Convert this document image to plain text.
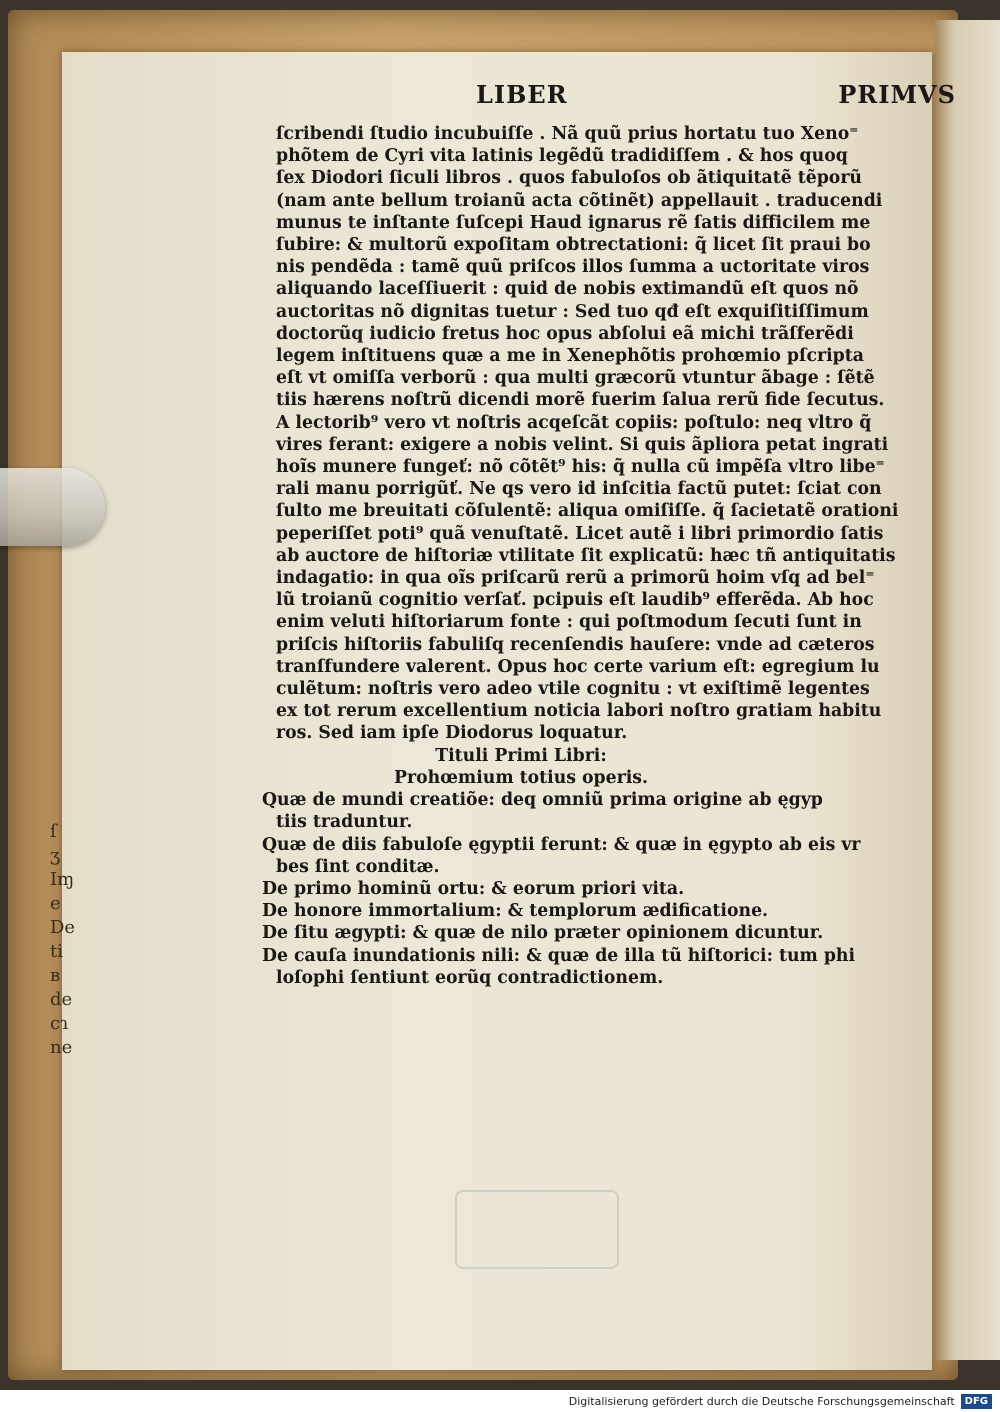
LIBER	PRIMVS
ſcribendi ſtudio incubuiſſe . Nã quũ prius hortatu tuo Xeno⁼
phõtem de Cyri vita latinis legẽdũ tradidiſſem . & hos quoq
ſex Diodori ſiculi libros . quos fabuloſos ob ãtiquitatẽ tẽporũ
(nam ante bellum troianũ acta cõtinẽt) appellauit . traducendi
munus te inſtante ſuſcepi Haud ignarus rẽ ſatis difficilem me
ſubire: & multorũ expoſitam obtrectationi: q̃ licet ſit praui bo
nis pendẽda : tamẽ quũ priſcos illos ſumma a uctoritate viros
aliquando laceſſiuerit : quid de nobis extimandũ eſt quos nõ
auctoritas nõ dignitas tuetur : Sed tuo qđ eſt exquiſitiſſimum
doctorũq iudicio fretus hoc opus abſolui eã michi trãſferẽdi
legem inſtituens quæ a me in Xenephõtis prohœmio pſcripta
eſt vt omiſſa verborũ : qua multi græcorũ vtuntur ãbage : ſẽtẽ
tiis hærens noſtrũ dicendi morẽ fuerim ſalua rerũ fide ſecutus.
A lectorib⁹ vero vt noſtris acqeſcãt copiis: poſtulo: neq vltro q̃
vires ferant: exigere a nobis velint. Si quis ãpliora petat ingrati
hoĩs munere fungeť: nõ cõtẽt⁹ his: q̃ nulla cũ impẽſa vltro libe⁼
rali manu porrigũť. Ne qs vero id inſcitia factũ putet: ſciat con
ſulto me breuitati cõſulentẽ: aliqua omiſiſſe. q̃ ſacietatẽ orationi
peperiſſet poti⁹ quã venuſtatẽ. Licet autẽ i libri primordio ſatis
ab auctore de hiſtoriæ vtilitate ſit explicatũ: hæc tñ antiquitatis
indagatio: in qua oĩs priſcarũ rerũ a primorũ hoim vſq ad bel⁼
lũ troianũ cognitio verſať. pcipuis eſt laudib⁹ efferẽda. Ab hoc
enim veluti hiſtoriarum fonte : qui poſtmodum ſecuti ſunt in
priſcis hiſtoriis fabuliſq recenſendis hauſere: vnde ad cæteros
tranſfundere valerent. Opus hoc certe varium eſt: egregium lu
culẽtum: noſtris vero adeo vtile cognitu : vt exiſtimẽ legentes
ex tot rerum excellentium noticia labori noſtro gratiam habitu
ros. Sed iam ipſe Diodorus loquatur.
Tituli Primi Libri:
Prohœmium totius operis.
Quæ de mundi creatiõe: deq omniũ prima origine ab ęgyp
tiis traduntur.
Quæ de diis fabuloſe ęgyptii ferunt: & quæ in ęgypto ab eis vr
bes ſint conditæ.
De primo hominũ ortu: & eorum priori vita.
De honore immortalium: & templorum ædificatione.
De ſitu ægypti: & quæ de nilo præter opinionem dicuntur.
De cauſa inundationis nili: & quæ de illa tũ hiſtorici: tum phi
loſophi ſentiunt eorũq contradictionem.
ſ
ʒ
Iɱ
e
De
ti
ʙ
de
cɿ
ne
Digitalisierung gefördert durch die Deutsche Forschungsgemeinschaft	DFG
